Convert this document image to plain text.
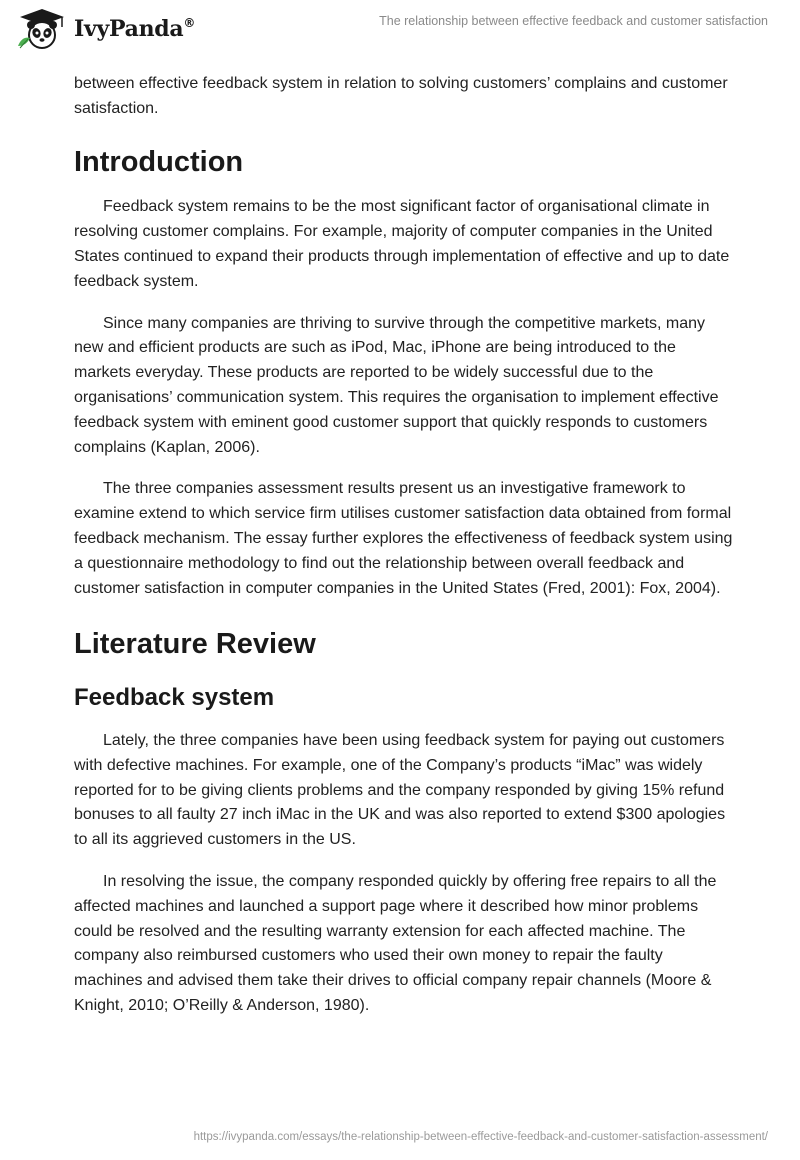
IvyPanda®	The relationship between effective feedback and customer satisfaction

between effective feedback system in relation to solving customers’ complains and customer satisfaction.

Introduction

Feedback system remains to be the most significant factor of organisational climate in resolving customer complains. For example, majority of computer companies in the United States continued to expand their products through implementation of effective and up to date feedback system.

Since many companies are thriving to survive through the competitive markets, many new and efficient products are such as iPod, Mac, iPhone are being introduced to the markets everyday. These products are reported to be widely successful due to the organisations’ communication system. This requires the organisation to implement effective feedback system with eminent good customer support that quickly responds to customers complains (Kaplan, 2006).

The three companies assessment results present us an investigative framework to examine extend to which service firm utilises customer satisfaction data obtained from formal feedback mechanism. The essay further explores the effectiveness of feedback system using a questionnaire methodology to find out the relationship between overall feedback and customer satisfaction in computer companies in the United States (Fred, 2001): Fox, 2004).

Literature Review
Feedback system

Lately, the three companies have been using feedback system for paying out customers with defective machines. For example, one of the Company’s products “iMac” was widely reported for to be giving clients problems and the company responded by giving 15% refund bonuses to all faulty 27 inch iMac in the UK and was also reported to extend $300 apologies to all its aggrieved customers in the US.

In resolving the issue, the company responded quickly by offering free repairs to all the affected machines and launched a support page where it described how minor problems could be resolved and the resulting warranty extension for each affected machine. The company also reimbursed customers who used their own money to repair the faulty machines and advised them take their drives to official company repair channels (Moore & Knight, 2010; O’Reilly & Anderson, 1980).

https://ivypanda.com/essays/the-relationship-between-effective-feedback-and-customer-satisfaction-assessment/
